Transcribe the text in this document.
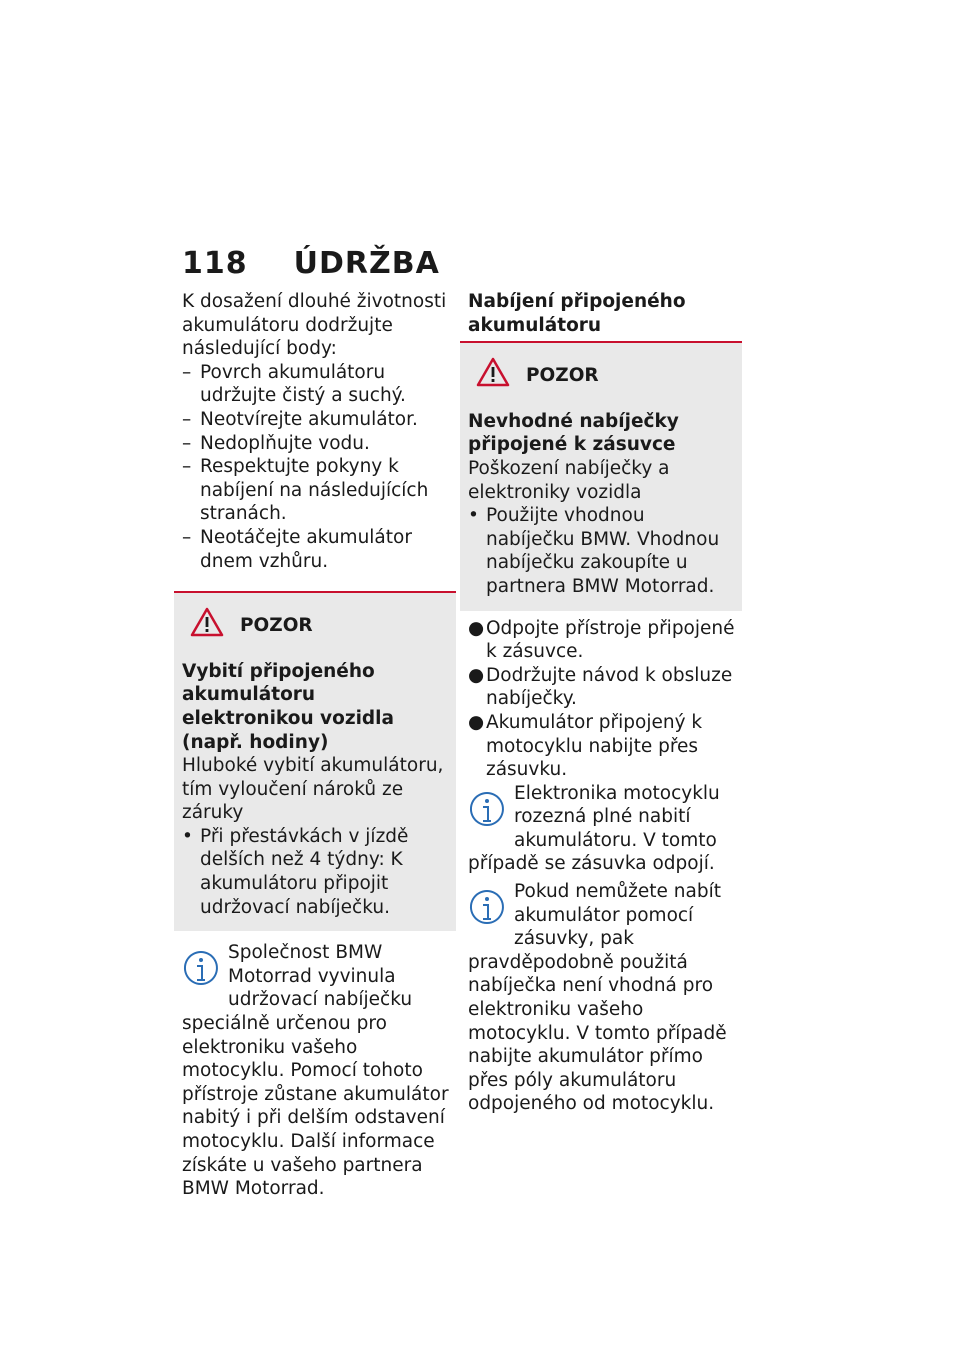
118 ÚDRŽBA

K dosažení dlouhé životnosti akumulátoru dodržujte následující body:

– Povrch akumulátoru udržujte čistý a suchý.
– Neotvírejte akumulátor.
– Nedoplňujte vodu.
– Respektujte pokyny k nabíjení na následujících stranách.
– Neotáčejte akumulátor dnem vzhůru.
POZOR

Vybití připojeného akumulátoru elektronikou vozidla (např. hodiny)

Hluboké vybití akumulátoru, tím vyloučení nároků ze záruky

• Při přestávkách v jízdě delších než 4 týdny: K akumulátoru připojit udržovací nabíječku.

Společnost BMW Motorrad vyvinula udržovací nabíječku speciálně určenou pro elektroniku vašeho motocyklu. Pomocí tohoto přístroje zůstane akumulátor nabitý i při delším odstavení motocyklu. Další informace získáte u vašeho partnera BMW Motorrad.

Nabíjení připojeného akumulátoru

POZOR

Nevhodné nabíječky připojené k zásuvce

Poškození nabíječky a elektroniky vozidla

• Použijte vhodnou nabíječku BMW. Vhodnou nabíječku zakoupíte u partnera BMW Motorrad.
● Odpojte přístroje připojené k zásuvce.
● Dodržujte návod k obsluze nabíječky.
● Akumulátor připojený k motocyklu nabijte přes zásuvku.

Elektronika motocyklu rozezná plné nabití akumulátoru. V tomto případě se zásuvka odpojí.

Pokud nemůžete nabít akumulátor pomocí zásuvky, pak pravděpodobně použitá nabíječka není vhodná pro elektroniku vašeho motocyklu. V tomto případě nabijte akumulátor přímo přes póly akumulátoru odpojeného od motocyklu.
